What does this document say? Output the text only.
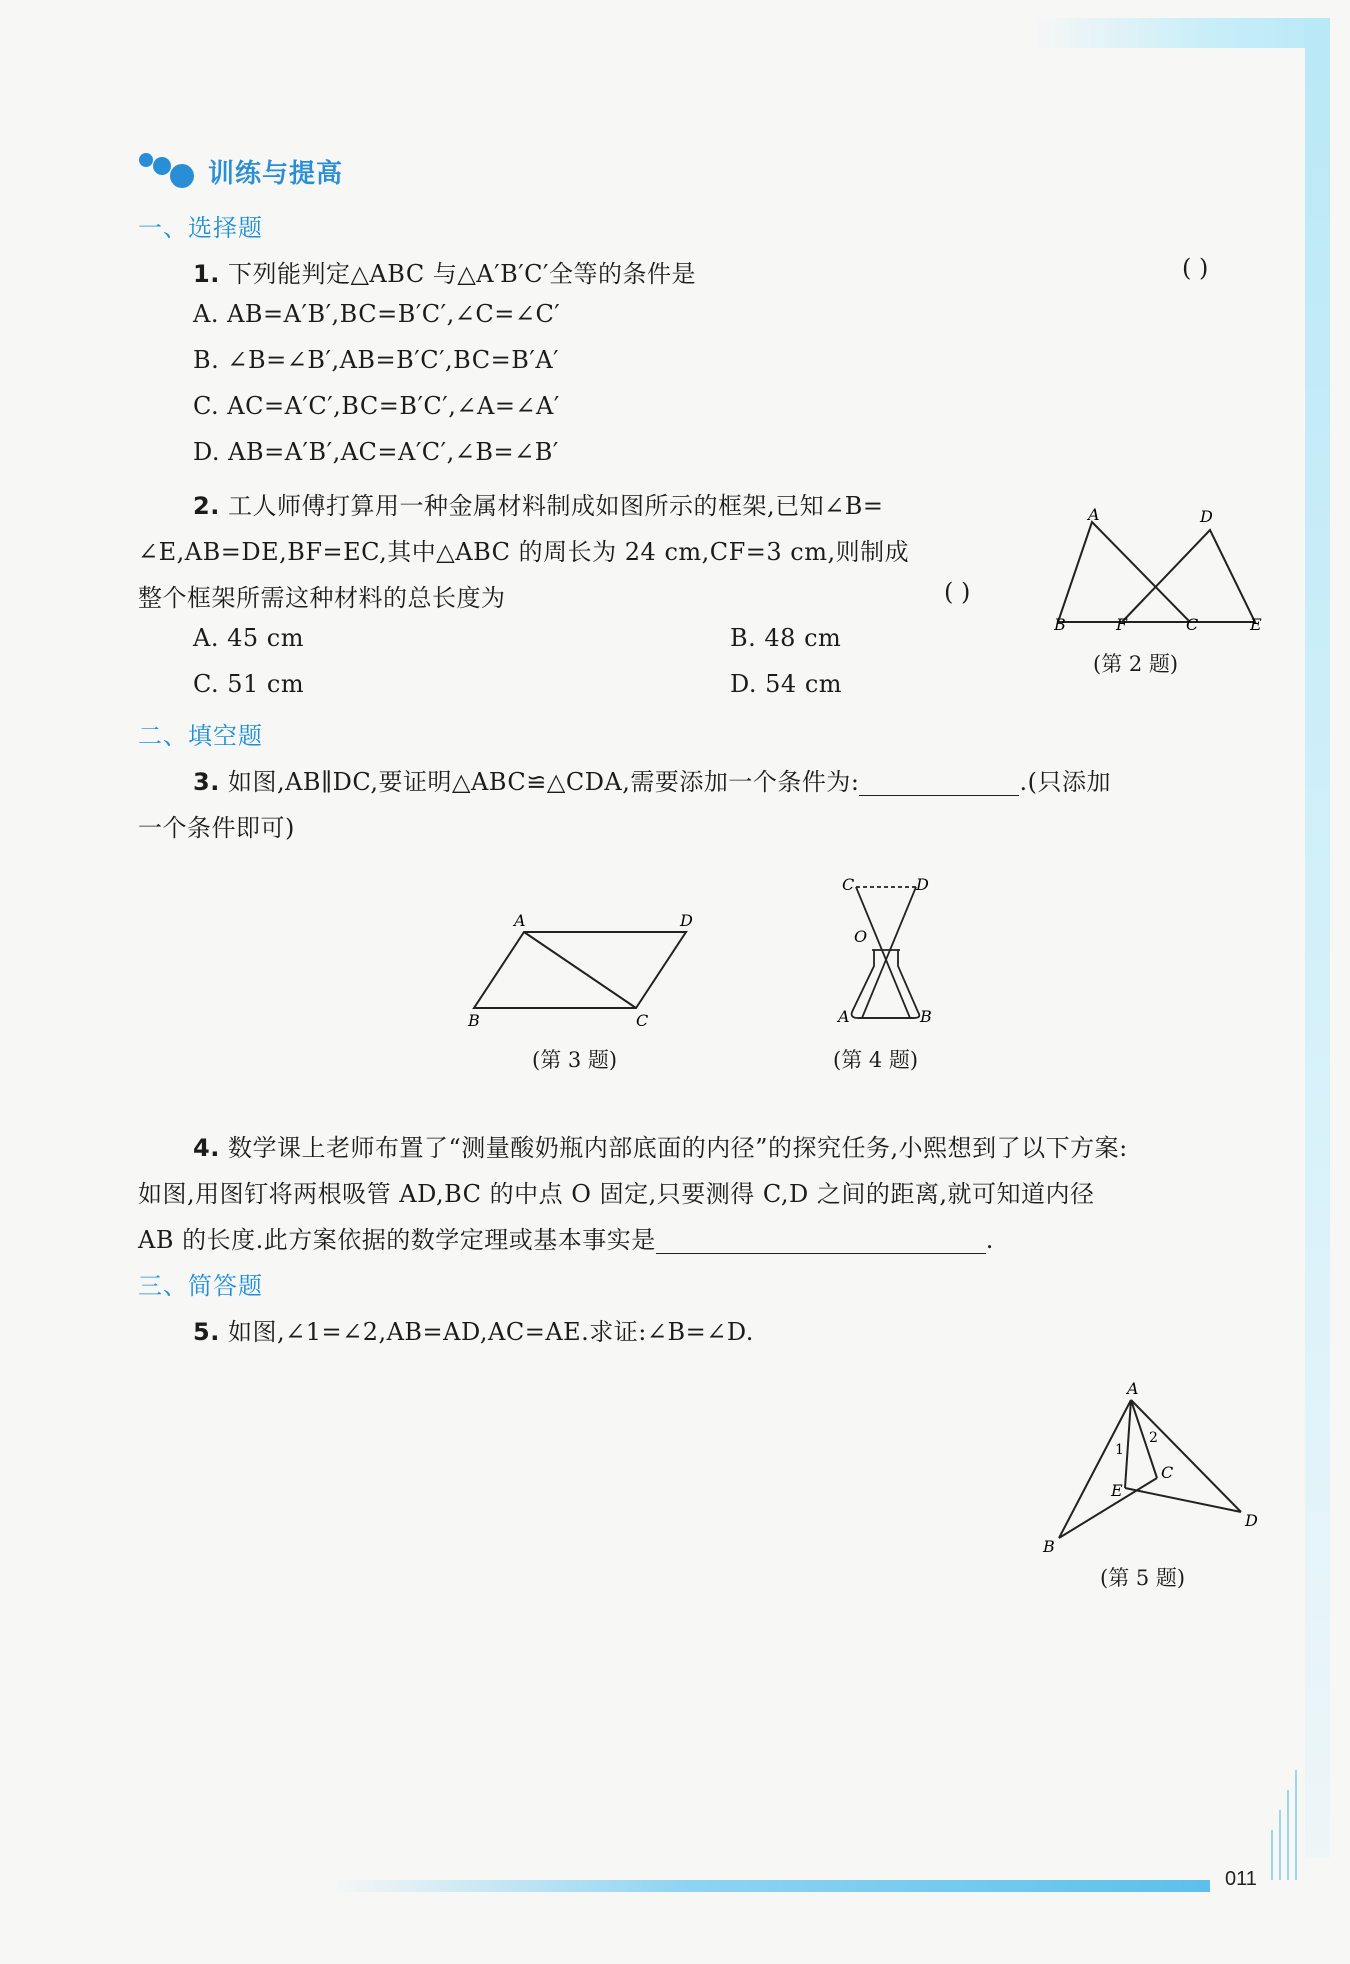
011
训练与提高
一、选择题
1. 下列能判定△ABC 与△A′B′C′全等的条件是	( )
A. AB=A′B′,BC=B′C′,∠C=∠C′
B. ∠B=∠B′,AB=B′C′,BC=B′A′
C. AC=A′C′,BC=B′C′,∠A=∠A′
D. AB=A′B′,AC=A′C′,∠B=∠B′
2. 工人师傅打算用一种金属材料制成如图所示的框架,已知∠B=
∠E,AB=DE,BF=EC,其中△ABC 的周长为 24 cm,CF=3 cm,则制成
整个框架所需这种材料的总长度为	( )
A. 45 cm	B. 48 cm
C. 51 cm	D. 54 cm
A	D
B	F	C	E
(第 2 题)
二、填空题
3. 如图,AB∥DC,要证明△ABC≌△CDA,需要添加一个条件为:	.(只添加
一个条件即可)
A	D
B	C
(第 3 题)
C	D
O
A	B
(第 4 题)
4. 数学课上老师布置了“测量酸奶瓶内部底面的内径”的探究任务,小熙想到了以下方案:
如图,用图钉将两根吸管 AD,BC 的中点 O 固定,只要测得 C,D 之间的距离,就可知道内径
AB 的长度.此方案依据的数学定理或基本事实是	.
三、简答题
5. 如图,∠1=∠2,AB=AD,AC=AE.求证:∠B=∠D.
A
B
C
D
E
1
2
(第 5 题)
